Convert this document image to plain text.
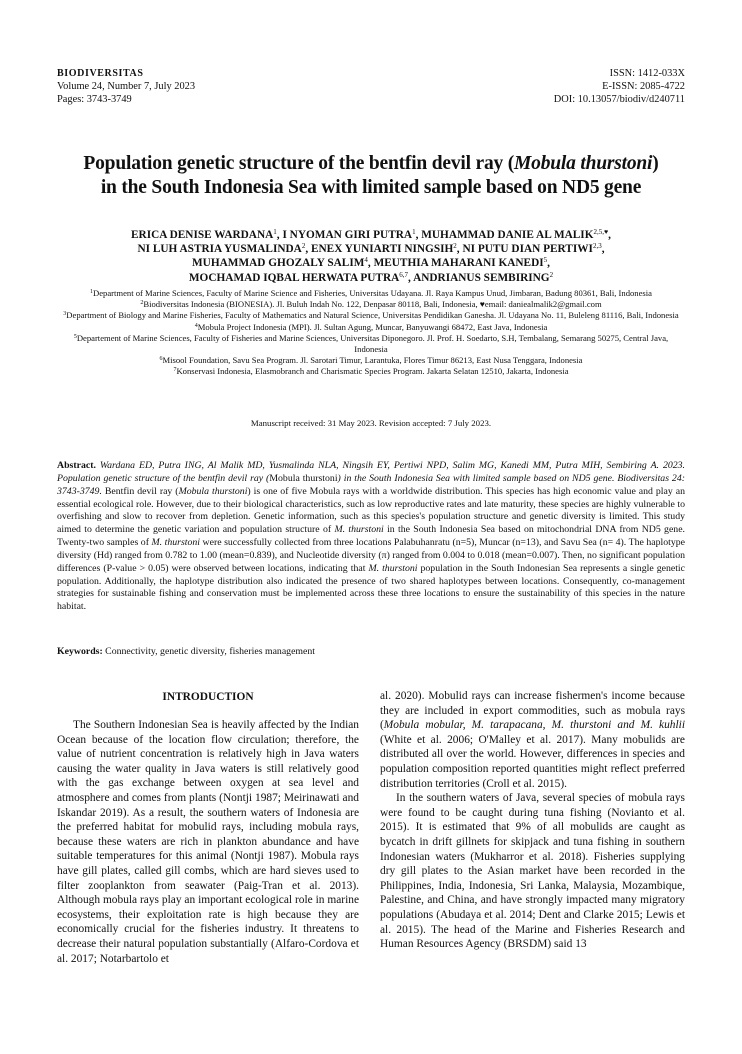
BIODIVERSITAS
Volume 24, Number 7, July 2023
Pages: 3743-3749
ISSN: 1412-033X
E-ISSN: 2085-4722
DOI: 10.13057/biodiv/d240711
Population genetic structure of the bentfin devil ray (Mobula thurstoni)
in the South Indonesia Sea with limited sample based on ND5 gene
ERICA DENISE WARDANA$^1$, I NYOMAN GIRI PUTRA$^1$, MUHAMMAD DANIE AL $MALIK^{2,5,♥}$,
NI LUH ASTRIA YUSMALINDA$^2$, ENEX YUNIARTI NINGSIH$^2$, NI PUTU DIAN PERTIWI$^{2,3}$,
MUHAMMAD GHOZALY SALIM$^4$, MEUTHIA MAHARANI KANEDI$^5$,
MOCHAMAD IQBAL HERWATA PUTRA$^{6,7}$, ANDRIANUS SEMBIRING$^2$

$^1$Department of Marine Sciences, Faculty of Marine Science and Fisheries, Universitas Udayana. Jl. Raya Kampus Unud, Jimbaran, Badung 80361, Bali, Indonesia

$^2$Biodiversitas Indonesia (BIONESIA). Jl. Buluh Indah No. 122, Denpasar 80118, Bali, Indonesia, ♥email: daniealmalik2@gmail.com

$^3$Department of Biology and Marine Fisheries, Faculty of Mathematics and Natural Science, Universitas Pendidikan Ganesha. Jl. Udayana No. 11, Buleleng 81116, Bali, Indonesia

$^4$Mobula Project Indonesia (MPI). Jl. Sultan Agung, Muncar, Banyuwangi 68472, East Java, Indonesia

$^5$Departement of Marine Sciences, Faculty of Fisheries and Marine Sciences, Universitas Diponegoro. Jl. Prof. H. Soedarto, S.H, Tembalang, Semarang 50275, Central Java, Indonesia

$^6$Misool Foundation, Savu Sea Program. Jl. Sarotari Timur, Larantuka, Flores Timur 86213, East Nusa Tenggara, Indonesia

$^7$Konservasi Indonesia, Elasmobranch and Charismatic Species Program. Jakarta Selatan 12510, Jakarta, Indonesia

Manuscript received: 31 May 2023. Revision accepted: 7 July 2023.

Abstract. Wardana ED, Putra ING, Al Malik MD, Yusmalinda NLA, Ningsih EY, Pertiwi NPD, Salim MG, Kanedi MM, Putra MIH, Sembiring A. 2023. Population genetic structure of the bentfin devil ray (Mobula thurstoni) in the South Indonesia Sea with limited sample based on ND5 gene. Biodiversitas 24: 3743-3749. Bentfin devil ray (Mobula thurstoni) is one of five Mobula rays with a worldwide distribution. This species has high economic value and play an essential ecological role. However, due to their biological characteristics, such as low reproductive rates and late maturity, these species are highly vulnerable to overfishing and slow to recover from depletion. Genetic information, such as this species's population structure and genetic diversity is limited. This study aimed to determine the genetic variation and population structure of M. thurstoni in the South Indonesia Sea based on mitochondrial DNA from ND5 gene. Twenty-two samples of M. thurstoni were successfully collected from three locations Palabuhanratu (n=5), Muncar (n=13), and Savu Sea (n= 4). The haplotype diversity (Hd) ranged from 0.782 to 1.00 (mean=0.839), and Nucleotide diversity (π) ranged from 0.004 to 0.018 (mean=0.007). Then, no significant population differences (P-value > 0.05) were observed between locations, indicating that M. thurstoni population in the South Indonesian Sea represents a single genetic population. Additionally, the haplotype distribution also indicated the presence of two shared haplotypes between locations. Consequently, co-management strategies for sustainable fishing and conservation must be implemented across these three locations to ensure the sustainability of this species in the nature habitat.

Keywords: Connectivity, genetic diversity, fisheries management
INTRODUCTION

The Southern Indonesian Sea is heavily affected by the Indian Ocean because of the location flow circulation; therefore, the value of nutrient concentration is relatively high in Java waters causing the water quality in Java waters is still relatively good with the gas exchange between oxygen at sea level and atmosphere and comes from plants (Nontji 1987; Meirinawati and Iskandar 2019). As a result, the southern waters of Indonesia are the preferred habitat for mobulid rays, including mobula rays, because these waters are rich in plankton abundance and have suitable temperatures for this animal (Nontji 1987). Mobula rays have gill plates, called gill combs, which are hard sieves used to filter zooplankton from seawater (Paig-Tran et al. 2013). Although mobula rays play an important ecological role in marine ecosystems, their exploitation rate is high because they are economically crucial for the fisheries industry. It threatens to decrease their natural population substantially (Alfaro-Cordova et al. 2017; Notarbartolo et

al. 2020). Mobulid rays can increase fishermen's income because they are included in export commodities, such as mobula rays (Mobula mobular, M. tarapacana, M. thurstoni and M. kuhlii (White et al. 2006; O'Malley et al. 2017). Many mobulids are distributed all over the world. However, differences in species and population composition reported quantities might reflect preferred distribution territories (Croll et al. 2015).

In the southern waters of Java, several species of mobula rays were found to be caught during tuna fishing (Novianto et al. 2015). It is estimated that 9% of all mobulids are caught as bycatch in drift gillnets for skipjack and tuna fishing in southern Indonesian waters (Mukharror et al. 2018). Fisheries supplying dry gill plates to the Asian market have been recorded in the Philippines, India, Indonesia, Sri Lanka, Malaysia, Mozambique, Palestine, and China, and have strongly impacted many migratory populations (Abudaya et al. 2014; Dent and Clarke 2015; Lewis et al. 2015). The head of the Marine and Fisheries Research and Human Resources Agency (BRSDM) said 13
